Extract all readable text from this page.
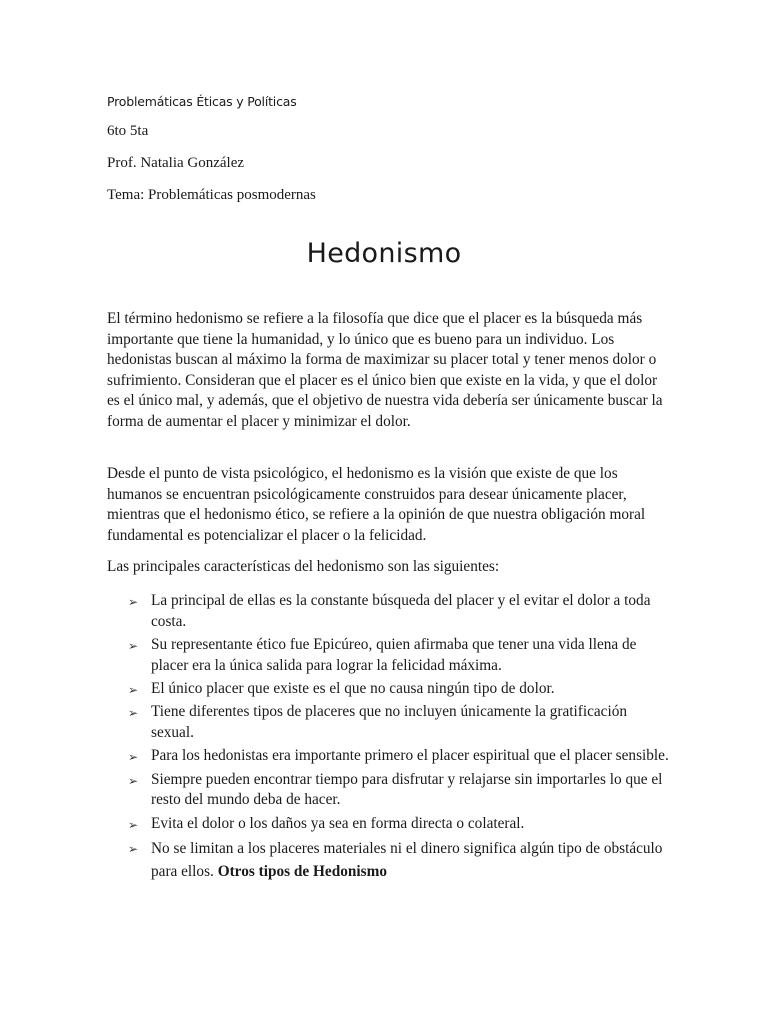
Problemáticas Éticas y Políticas
6to 5ta
Prof. Natalia González
Tema: Problemáticas posmodernas
Hedonismo

El término hedonismo se refiere a la filosofía que dice que el placer es la búsqueda más importante que tiene la humanidad, y lo único que es bueno para un individuo. Los hedonistas buscan al máximo la forma de maximizar su placer total y tener menos dolor o sufrimiento. Consideran que el placer es el único bien que existe en la vida, y que el dolor es el único mal, y además, que el objetivo de nuestra vida debería ser únicamente buscar la forma de aumentar el placer y minimizar el dolor.

Desde el punto de vista psicológico, el hedonismo es la visión que existe de que los humanos se encuentran psicológicamente construidos para desear únicamente placer, mientras que el hedonismo ético, se refiere a la opinión de que nuestra obligación moral fundamental es potencializar el placer o la felicidad.

Las principales características del hedonismo son las siguientes:

➢ La principal de ellas es la constante búsqueda del placer y el evitar el dolor a toda costa.
➢ Su representante ético fue Epicúreo, quien afirmaba que tener una vida llena de placer era la única salida para lograr la felicidad máxima.
➢ El único placer que existe es el que no causa ningún tipo de dolor.
➢ Tiene diferentes tipos de placeres que no incluyen únicamente la gratificación sexual.
➢ Para los hedonistas era importante primero el placer espiritual que el placer sensible.
➢ Siempre pueden encontrar tiempo para disfrutar y relajarse sin importarles lo que el resto del mundo deba de hacer.
➢ Evita el dolor o los daños ya sea en forma directa o colateral.
➢ No se limitan a los placeres materiales ni el dinero significa algún tipo de obstáculo para ellos. Otros tipos de Hedonismo
